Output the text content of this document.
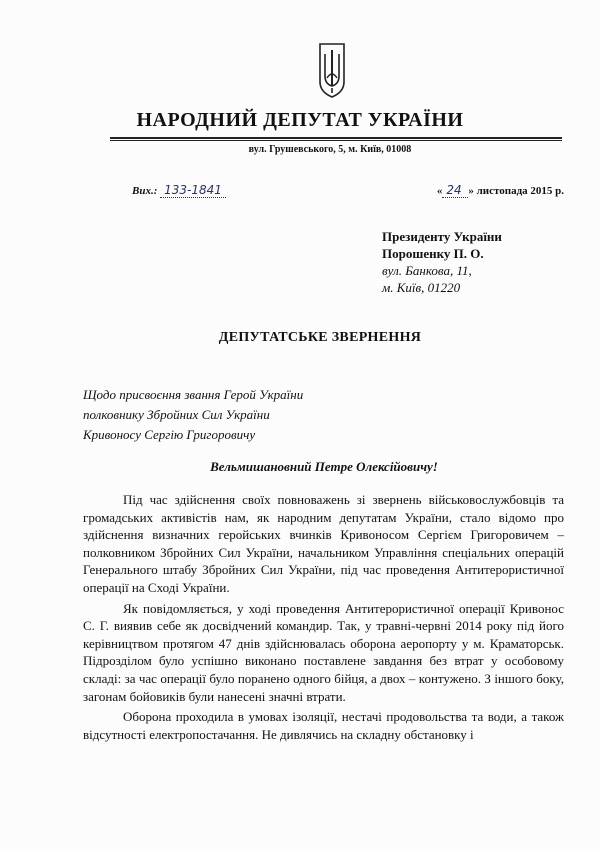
НАРОДНИЙ ДЕПУТАТ УКРАЇНИ
вул. Грушевського, 5, м. Київ, 01008
Вих.: 133-1841	« 24 » листопада 2015 р.
Президенту України
Порошенку П. О.
вул. Банкова, 11,
м. Київ, 01220
ДЕПУТАТСЬКЕ ЗВЕРНЕННЯ
Щодо присвоєння звання Герой України
полковнику Збройних Сил України
Кривоносу Сергію Григоровичу
Вельмишановний Петре Олексійовичу!

Під час здійснення своїх повноважень зі звернень військовослужбовців та громадських активістів нам, як народним депутатам України, стало відомо про здійснення визначних геройських вчинків Кривоносом Сергієм Григоровичем – полковником Збройних Сил України, начальником Управління спеціальних операцій Генерального штабу Збройних Сил України, під час проведення Антитерористичної операції на Сході України.

Як повідомляється, у ході проведення Антитерористичної операції Кривонос С. Г. виявив себе як досвідчений командир. Так, у травні-червні 2014 року під його керівництвом протягом 47 днів здійснювалась оборона аеропорту у м. Краматорськ. Підрозділом було успішно виконано поставлене завдання без втрат у особовому складі: за час операції було поранено одного бійця, а двох – контужено. З іншого боку, загонам бойовиків були нанесені значні втрати.

Оборона проходила в умовах ізоляції, нестачі продовольства та води, а також відсутності електропостачання. Не дивлячись на складну обстановку і
